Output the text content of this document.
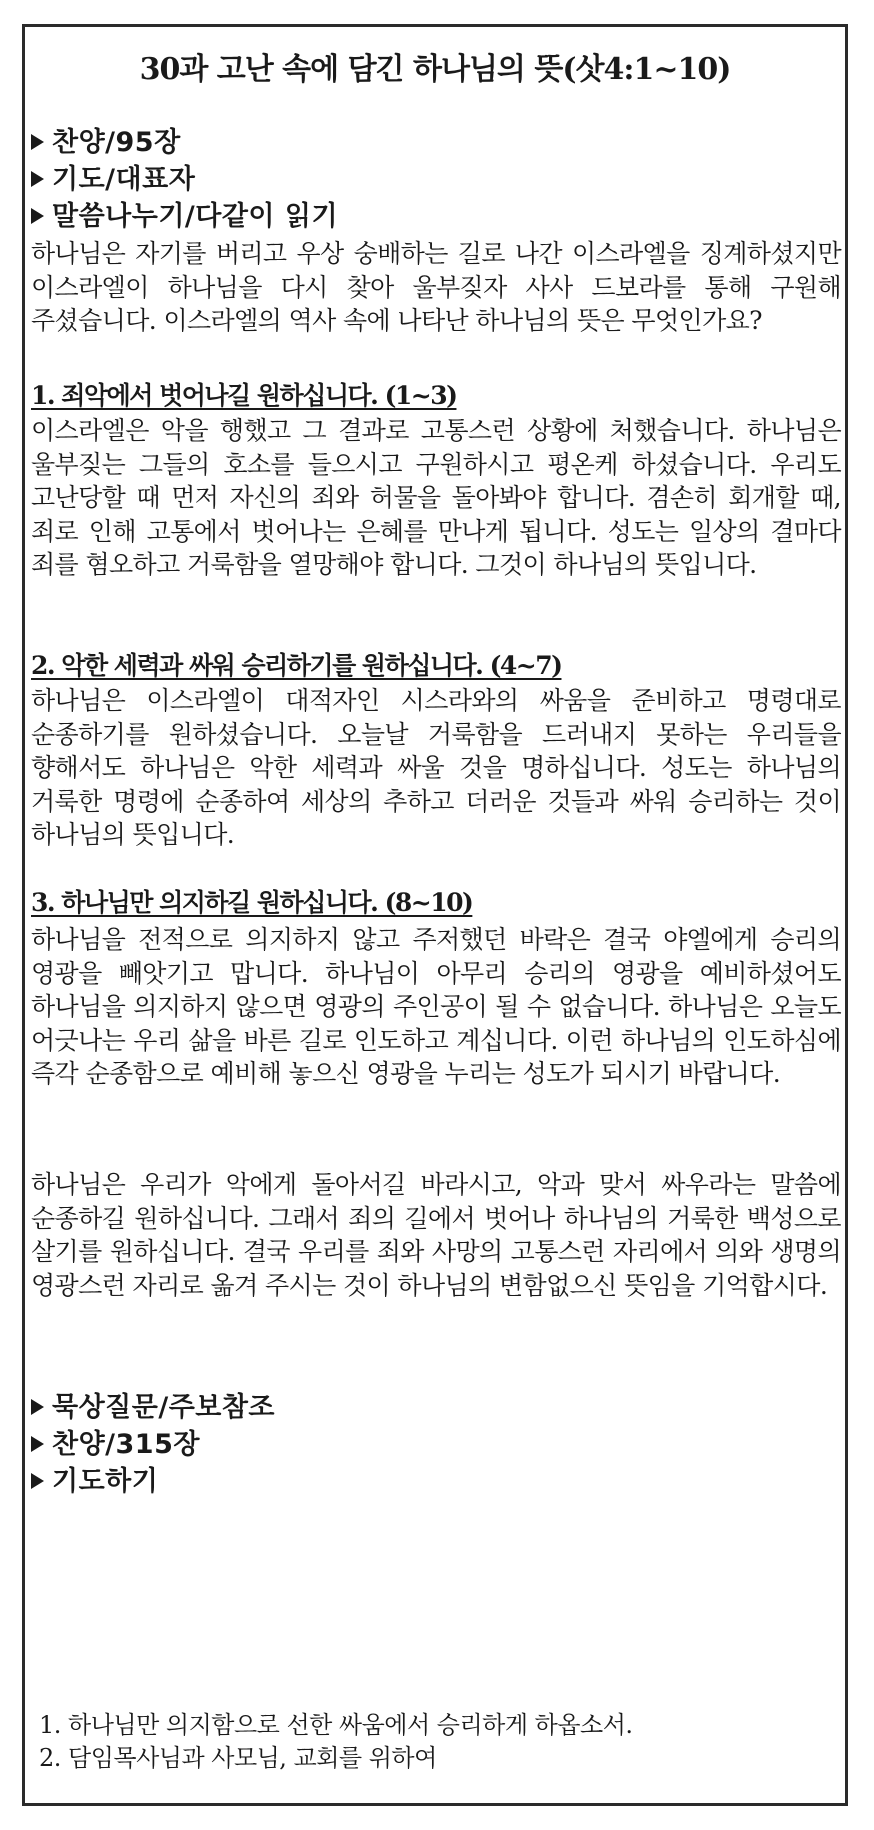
30과 고난 속에 담긴 하나님의 뜻(삿4:1~10)
찬양/95장
기도/대표자
말씀나누기/다같이 읽기
하나님은 자기를 버리고 우상 숭배하는 길로 나간 이스라엘을 징계하셨지만 이스라엘이 하나님을 다시 찾아 울부짖자 사사 드보라를 통해 구원해 주셨습니다. 이스라엘의 역사 속에 나타난 하나님의 뜻은 무엇인가요?
1. 죄악에서 벗어나길 원하십니다. (1~3)
이스라엘은 악을 행했고 그 결과로 고통스런 상황에 처했습니다. 하나님은 울부짖는 그들의 호소를 들으시고 구원하시고 평온케 하셨습니다. 우리도 고난당할 때 먼저 자신의 죄와 허물을 돌아봐야 합니다. 겸손히 회개할 때, 죄로 인해 고통에서 벗어나는 은혜를 만나게 됩니다. 성도는 일상의 결마다 죄를 혐오하고 거룩함을 열망해야 합니다. 그것이 하나님의 뜻입니다.
2. 악한 세력과 싸워 승리하기를 원하십니다. (4~7)
하나님은 이스라엘이 대적자인 시스라와의 싸움을 준비하고 명령대로 순종하기를 원하셨습니다. 오늘날 거룩함을 드러내지 못하는 우리들을 향해서도 하나님은 악한 세력과 싸울 것을 명하십니다. 성도는 하나님의 거룩한 명령에 순종하여 세상의 추하고 더러운 것들과 싸워 승리하는 것이 하나님의 뜻입니다.
3. 하나님만 의지하길 원하십니다. (8~10)
하나님을 전적으로 의지하지 않고 주저했던 바락은 결국 야엘에게 승리의 영광을 빼앗기고 맙니다. 하나님이 아무리 승리의 영광을 예비하셨어도 하나님을 의지하지 않으면 영광의 주인공이 될 수 없습니다. 하나님은 오늘도 어긋나는 우리 삶을 바른 길로 인도하고 계십니다. 이런 하나님의 인도하심에 즉각 순종함으로 예비해 놓으신 영광을 누리는 성도가 되시기 바랍니다.
하나님은 우리가 악에게 돌아서길 바라시고, 악과 맞서 싸우라는 말씀에 순종하길 원하십니다. 그래서 죄의 길에서 벗어나 하나님의 거룩한 백성으로 살기를 원하십니다. 결국 우리를 죄와 사망의 고통스런 자리에서 의와 생명의 영광스런 자리로 옮겨 주시는 것이 하나님의 변함없으신 뜻임을 기억합시다.
묵상질문/주보참조
찬양/315장
기도하기
1. 하나님만 의지함으로 선한 싸움에서 승리하게 하옵소서.
2. 담임목사님과 사모님, 교회를 위하여
